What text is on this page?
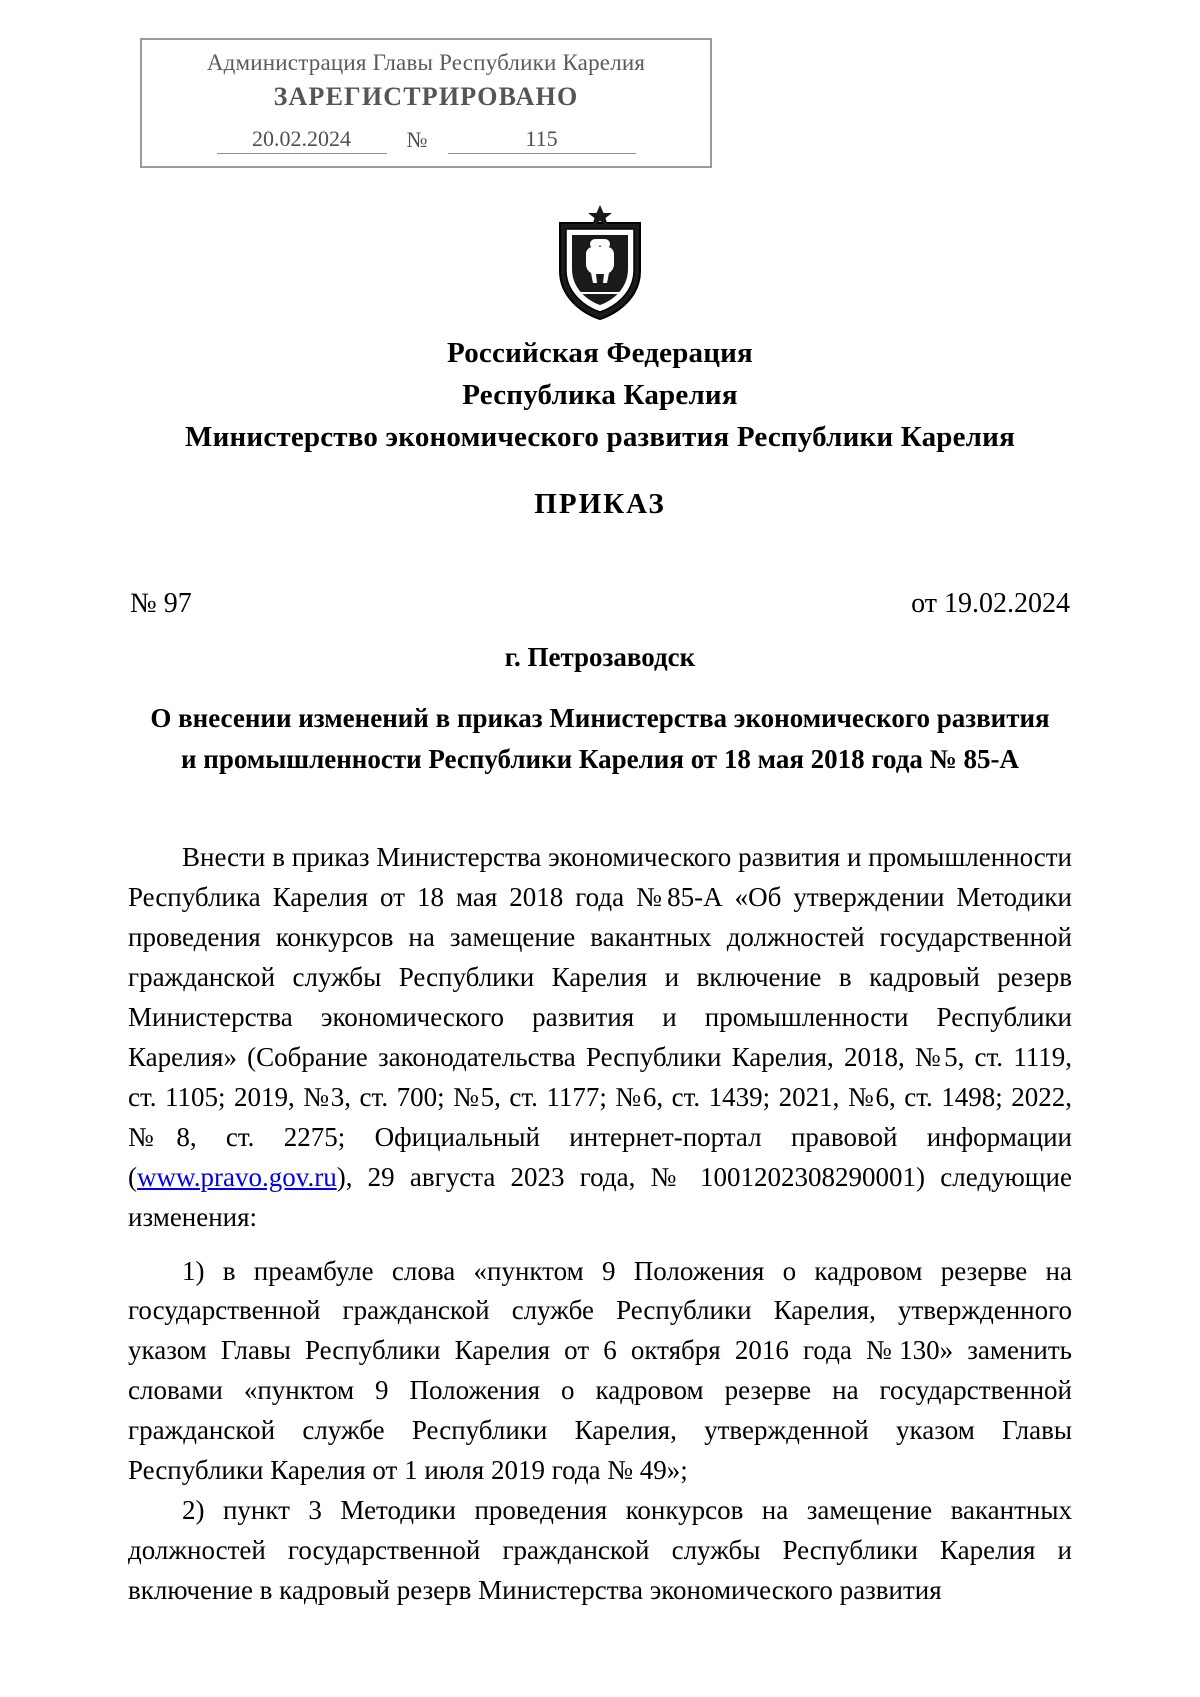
Администрация Главы Республики Карелия
ЗАРЕГИСТРИРОВАНО
20.02.2024	№	115
Российская Федерация
Республика Карелия
Министерство экономического развития Республики Карелия
ПРИКАЗ
№ 97	от 19.02.2024
г. Петрозаводск
О внесении изменений в приказ Министерства экономического развития
и промышленности Республики Карелия от 18 мая 2018 года № 85-А

Внести в приказ Министерства экономического развития и промышленности Республика Карелия от 18 мая 2018 года №85-А «Об утверждении Методики проведения конкурсов на замещение вакантных должностей государственной гражданской службы Республики Карелия и включение в кадровый резерв Министерства экономического развития и промышленности Республики Карелия» (Собрание законодательства Республики Карелия, 2018, №5, ст. 1119, ст. 1105; 2019, №3, ст. 700; №5, ст. 1177; №6, ст. 1439; 2021, №6, ст. 1498; 2022, №8, ст. 2275; Официальный интернет-портал правовой информации (www.pravo.gov.ru), 29 августа 2023 года, № 1001202308290001) следующие изменения:

1) в преамбуле слова «пунктом 9 Положения о кадровом резерве на государственной гражданской службе Республики Карелия, утвержденного указом Главы Республики Карелия от 6 октября 2016 года №130» заменить словами «пунктом 9 Положения о кадровом резерве на государственной гражданской службе Республики Карелия, утвержденной указом Главы Республики Карелия от 1 июля 2019 года № 49»;

2) пункт 3 Методики проведения конкурсов на замещение вакантных должностей государственной гражданской службы Республики Карелия и включение в кадровый резерв Министерства экономического развития
